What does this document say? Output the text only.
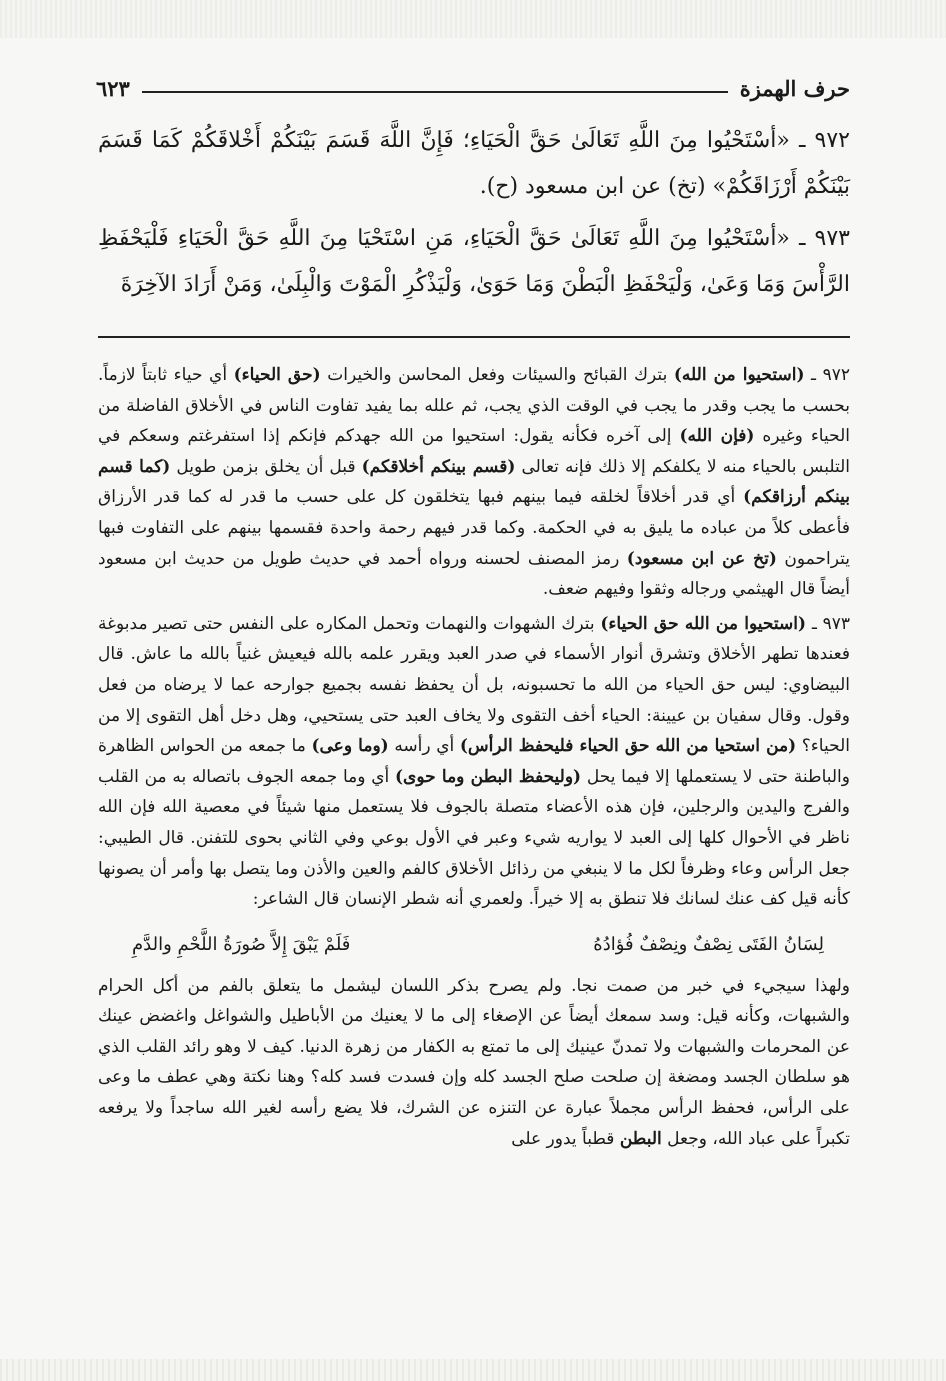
حرف الهمزة
٦٢٣

٩٧٢ ـ «أسْتَحْيُوا مِنَ اللَّهِ تَعَالَىٰ حَقَّ الْحَيَاءِ؛ فَإِنَّ اللَّهَ قَسَمَ بَيْنَكُمْ أَخْلاقَكُمْ كَمَا قَسَمَ بَيْنَكُمْ أَرْزَاقَكُمْ» (تخ) عن ابن مسعود (ح).

٩٧٣ ـ «أسْتَحْيُوا مِنَ اللَّهِ تَعَالَىٰ حَقَّ الْحَيَاءِ، مَنِ اسْتَحْيَا مِنَ اللَّهِ حَقَّ الْحَيَاءِ فَلْيَحْفَظِ الرَّأْسَ وَمَا وَعَىٰ، وَلْيَحْفَظِ الْبَطْنَ وَمَا حَوَىٰ، وَلْيَذْكُرِ الْمَوْتَ وَالْبِلَىٰ، وَمَنْ أَرَادَ الآخِرَةَ

٩٧٢ ـ (استحيوا من الله) بترك القبائح والسيئات وفعل المحاسن والخيرات (حق الحياء) أي حياء ثابتاً لازماً. بحسب ما يجب وقدر ما يجب في الوقت الذي يجب، ثم علله بما يفيد تفاوت الناس في الأخلاق الفاضلة من الحياء وغيره (فإن الله) إلى آخره فكأنه يقول: استحيوا من الله جهدكم فإنكم إذا استفرغتم وسعكم في التلبس بالحياء منه لا يكلفكم إلا ذلك فإنه تعالى (قسم بينكم أخلاقكم) قبل أن يخلق بزمن طويل (كما قسم بينكم أرزاقكم) أي قدر أخلاقاً لخلقه فيما بينهم فبها يتخلقون كل على حسب ما قدر له كما قدر الأرزاق فأعطى كلاً من عباده ما يليق به في الحكمة. وكما قدر فيهم رحمة واحدة فقسمها بينهم على التفاوت فبها يتراحمون (تخ عن ابن مسعود) رمز المصنف لحسنه ورواه أحمد في حديث طويل من حديث ابن مسعود أيضاً قال الهيثمي ورجاله وثقوا وفيهم ضعف.

٩٧٣ ـ (استحيوا من الله حق الحياء) بترك الشهوات والنهمات وتحمل المكاره على النفس حتى تصير مدبوغة فعندها تطهر الأخلاق وتشرق أنوار الأسماء في صدر العبد ويقرر علمه بالله فيعيش غنياً بالله ما عاش. قال البيضاوي: ليس حق الحياء من الله ما تحسبونه، بل أن يحفظ نفسه بجميع جوارحه عما لا يرضاه من فعل وقول. وقال سفيان بن عيينة: الحياء أخف التقوى ولا يخاف العبد حتى يستحيي، وهل دخل أهل التقوى إلا من الحياء؟ (من استحيا من الله حق الحياء فليحفظ الرأس) أي رأسه (وما وعى) ما جمعه من الحواس الظاهرة والباطنة حتى لا يستعملها إلا فيما يحل (وليحفظ البطن وما حوى) أي وما جمعه الجوف باتصاله به من القلب والفرج واليدين والرجلين، فإن هذه الأعضاء متصلة بالجوف فلا يستعمل منها شيئاً في معصية الله فإن الله ناظر في الأحوال كلها إلى العبد لا يواريه شيء وعبر في الأول بوعي وفي الثاني بحوى للتفنن. قال الطيبي: جعل الرأس وعاء وظرفاً لكل ما لا ينبغي من رذائل الأخلاق كالفم والعين والأذن وما يتصل بها وأمر أن يصونها كأنه قيل كف عنك لسانك فلا تنطق به إلا خيراً. ولعمري أنه شطر الإنسان قال الشاعر:

لِسَانُ الفَتَى نِصْفٌ ونِصْفٌ فُؤادُهُ
فَلَمْ يَبْقَ إِلاَّ صُورَةُ اللَّحْمِ والدَّمِ

ولهذا سيجيء في خبر من صمت نجا. ولم يصرح بذكر اللسان ليشمل ما يتعلق بالفم من أكل الحرام والشبهات، وكأنه قيل: وسد سمعك أيضاً عن الإصغاء إلى ما لا يعنيك من الأباطيل والشواغل واغضض عينك عن المحرمات والشبهات ولا تمدنّ عينيك إلى ما تمتع به الكفار من زهرة الدنيا. كيف لا وهو رائد القلب الذي هو سلطان الجسد ومضغة إن صلحت صلح الجسد كله وإن فسدت فسد كله؟ وهنا نكتة وهي عطف ما وعى على الرأس، فحفظ الرأس مجملاً عبارة عن التنزه عن الشرك، فلا يضع رأسه لغير الله ساجداً ولا يرفعه تكبراً على عباد الله، وجعل البطن قطباً يدور على
